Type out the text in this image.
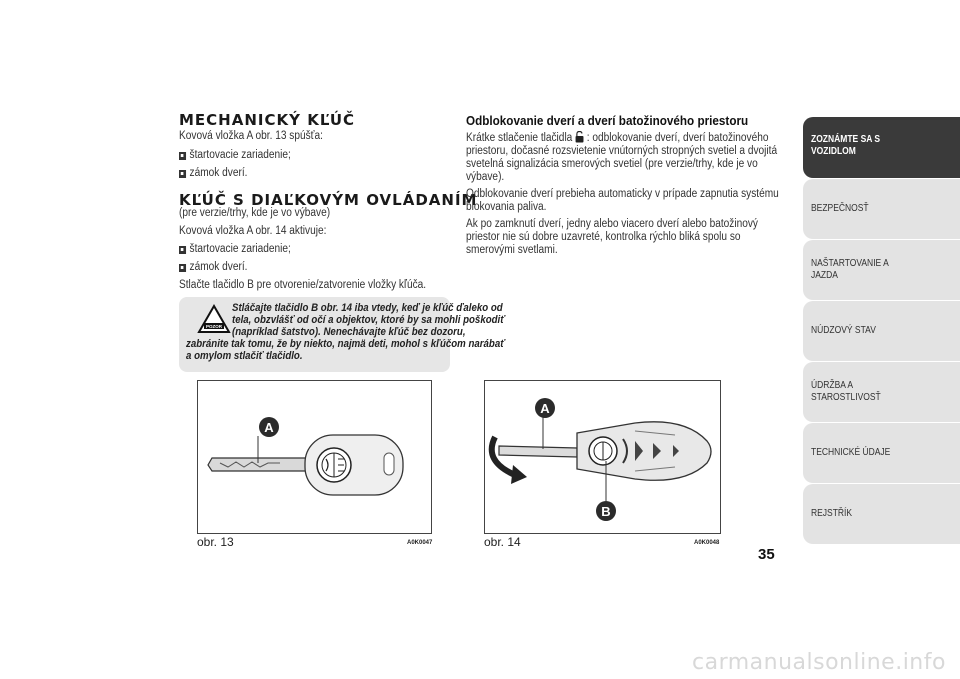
MECHANICKÝ KĽÚČ
Kovová vložka A obr. 13 spúšťa:
štartovacie zariadenie;
zámok dverí.
KĽÚČ S DIAĽKOVÝM OVLÁDANÍM
(pre verzie/trhy, kde je vo výbave)
Kovová vložka A obr. 14 aktivuje:
štartovacie zariadenie;
zámok dverí.
Stlačte tlačidlo B pre otvorenie/zatvorenie vložky kľúča.
POZOR
Stláčajte tlačidlo B obr. 14 iba vtedy, keď je kľúč ďaleko od
tela, obzvlášť od očí a objektov, ktoré by sa mohli poškodiť
(napríklad šatstvo). Nenechávajte kľúč bez dozoru,
zabránite tak tomu, že by niekto, najmä deti, mohol s kľúčom narábať
a omylom stlačiť tlačidlo.
A
obr. 13	A0K0047
Odblokovanie dverí a dverí batožinového priestoru
Krátke stlačenie tlačidla : odblokovanie dverí, dverí batožinového
priestoru, dočasné rozsvietenie vnútorných stropných svetiel a dvojitá
svetelná signalizácia smerových svetiel (pre verzie/trhy, kde je vo
výbave).
Odblokovanie dverí prebieha automaticky v prípade zapnutia systému
blokovania paliva.
Ak po zamknutí dverí, jedny alebo viacero dverí alebo batožinový
priestor nie sú dobre uzavreté, kontrolka rýchlo bliká spolu so
smerovými svetlami.
A
B
obr. 14	A0K0048
ZOZNÁMTE SA S
VOZIDLOM
BEZPEČNOSŤ
NAŠTARTOVANIE A
JAZDA
NÚDZOVÝ STAV
ÚDRŽBA A
STAROSTLIVOSŤ
TECHNICKÉ ÚDAJE
REJSTŘÍK
35
carmanualsonline.info
